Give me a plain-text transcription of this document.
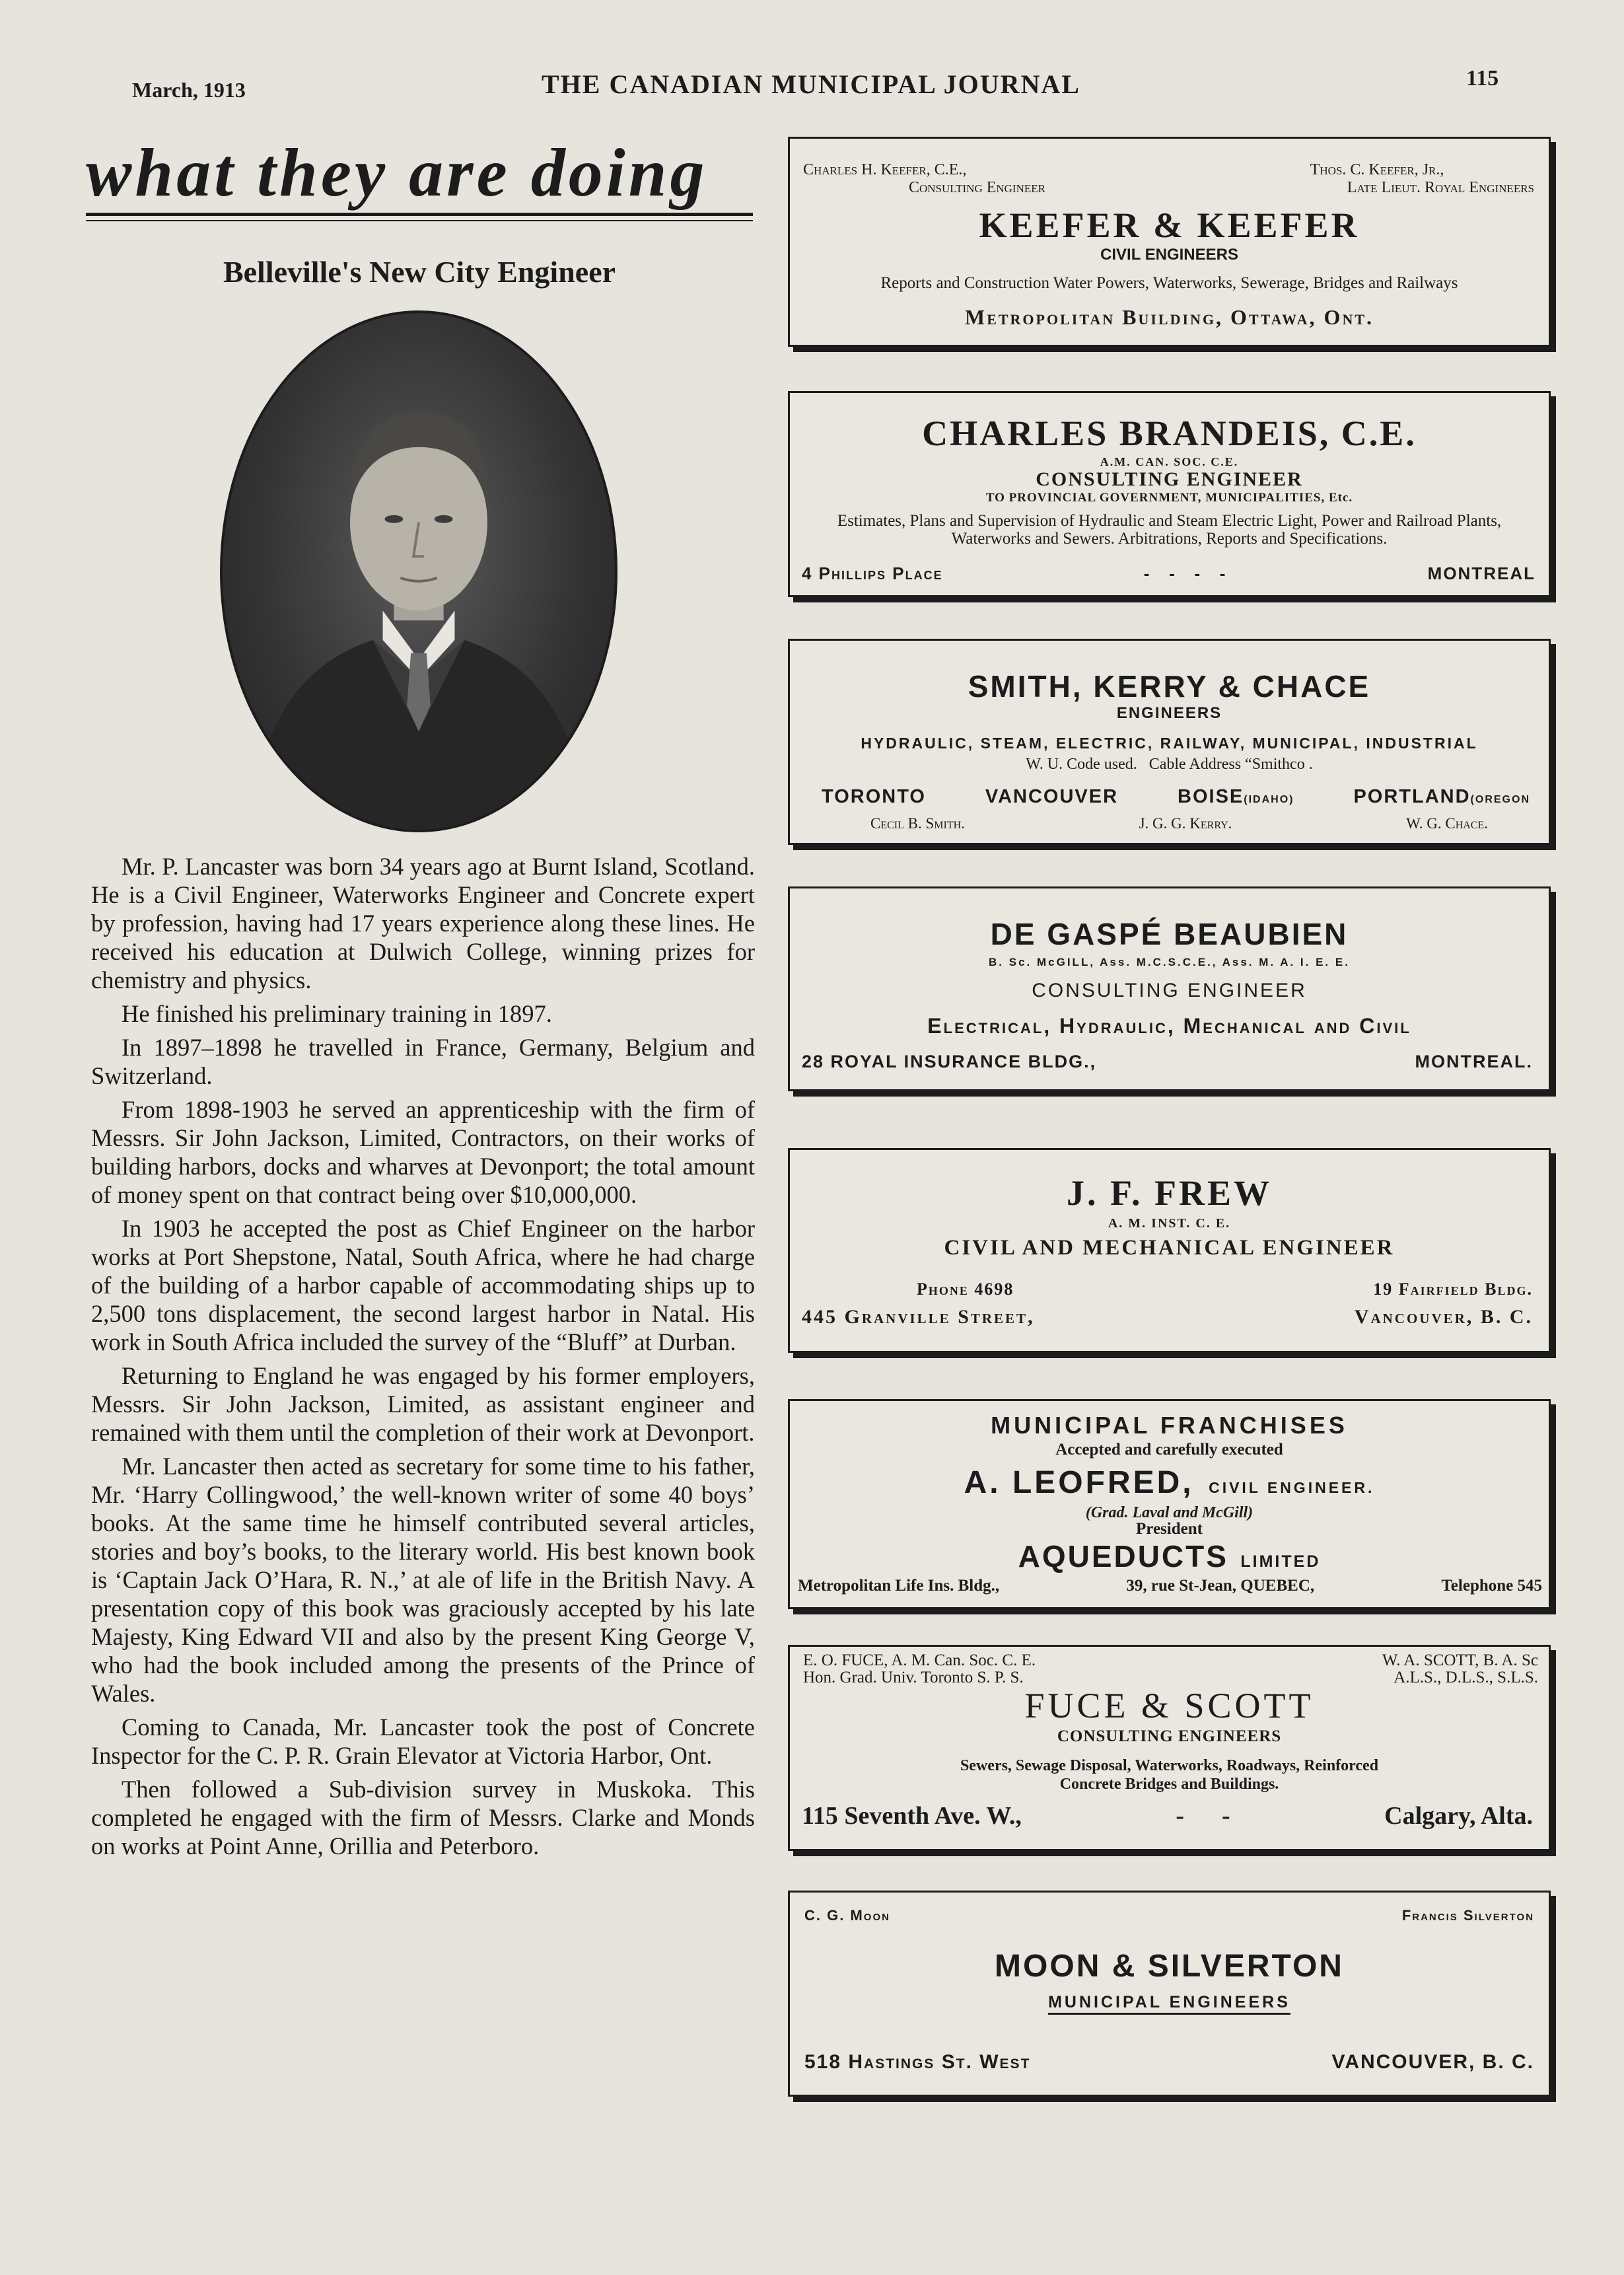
March, 1913	THE CANADIAN MUNICIPAL JOURNAL	115
what they are doing
Belleville's New City Engineer

Mr. P. Lancaster was born 34 years ago at Burnt Island, Scotland. He is a Civil Engineer, Waterworks Engineer and Concrete expert by profession, having had 17 years experience along these lines. He received his education at Dulwich College, winning prizes for chemistry and physics.

He finished his preliminary training in 1897.

In 1897–1898 he travelled in France, Germany, Belgium and Switzerland.

From 1898-1903 he served an apprenticeship with the firm of Messrs. Sir John Jackson, Limited, Contractors, on their works of building harbors, docks and wharves at Devonport; the total amount of money spent on that contract being over $10,000,000.

In 1903 he accepted the post as Chief Engineer on the harbor works at Port Shepstone, Natal, South Africa, where he had charge of the building of a harbor capable of accommodating ships up to 2,500 tons displacement, the second largest harbor in Natal. His work in South Africa included the survey of the “Bluff” at Durban.

Returning to England he was engaged by his former employers, Messrs. Sir John Jackson, Limited, as assistant engineer and remained with them until the completion of their work at Devonport.

Mr. Lancaster then acted as secretary for some time to his father, Mr. ‘Harry Collingwood,’ the well-known writer of some 40 boys’ books. At the same time he himself contributed several articles, stories and boy’s books, to the literary world. His best known book is ‘Captain Jack O’Hara, R. N.,’ at ale of life in the British Navy. A presentation copy of this book was graciously accepted by his late Majesty, King Edward VII and also by the present King George V, who had the book included among the presents of the Prince of Wales.

Coming to Canada, Mr. Lancaster took the post of Concrete Inspector for the C. P. R. Grain Elevator at Victoria Harbor, Ont.

Then followed a Sub-division survey in Muskoka. This completed he engaged with the firm of Messrs. Clarke and Monds on works at Point Anne, Orillia and Peterboro.

Charles H. Keefer, C.E.,
Consulting Engineer
Thos. C. Keefer, Jr.,
Late Lieut. Royal Engineers
KEEFER & KEEFER
CIVIL ENGINEERS
Reports and Construction Water Powers, Waterworks, Sewerage, Bridges and Railways
Metropolitan Building, Ottawa, Ont.
CHARLES BRANDEIS, C.E.
A.M. CAN. SOC. C.E.
CONSULTING ENGINEER
TO PROVINCIAL GOVERNMENT, MUNICIPALITIES, Etc.
Estimates, Plans and Supervision of Hydraulic and Steam Electric Light, Power and Railroad Plants, Waterworks and Sewers. Arbitrations, Reports and Specifications.
4 Phillips Place	-   -   -   -	MONTREAL
SMITH, KERRY & CHACE
ENGINEERS
HYDRAULIC, STEAM, ELECTRIC, RAILWAY, MUNICIPAL, INDUSTRIAL
W. U. Code used.   Cable Address “Smithco .
TORONTO	VANCOUVER	BOISE(IDAHO)	PORTLAND(OREGON
Cecil B. Smith.	J. G. G. Kerry.	W. G. Chace.
DE GASPÉ BEAUBIEN
B. Sc. McGILL, Ass. M.C.S.C.E., Ass. M. A. I. E. E.
CONSULTING ENGINEER
Electrical, Hydraulic, Mechanical and Civil
28 ROYAL INSURANCE BLDG.,	MONTREAL.
J. F. FREW
A. M. INST. C. E.
CIVIL AND MECHANICAL ENGINEER
Phone 4698	19 Fairfield Bldg.
445 Granville Street,	Vancouver, B. C.
MUNICIPAL FRANCHISES
Accepted and carefully executed
A. LEOFRED, CIVIL ENGINEER.
(Grad. Laval and McGill)
President
AQUEDUCTS LIMITED
Metropolitan Life Ins. Bldg.,	39, rue St-Jean, QUEBEC,	Telephone 545
E. O. FUCE, A. M. Can. Soc. C. E.
Hon. Grad. Univ. Toronto S. P. S.
W. A. SCOTT, B. A. Sc
A.L.S., D.L.S., S.L.S.
FUCE & SCOTT
CONSULTING ENGINEERS
Sewers, Sewage Disposal, Waterworks, Roadways, Reinforced
Concrete Bridges and Buildings.
115 Seventh Ave. W.,	-      -	Calgary, Alta.
C. G. Moon	Francis Silverton
MOON & SILVERTON
MUNICIPAL ENGINEERS
518 Hastings St. West	VANCOUVER, B. C.
